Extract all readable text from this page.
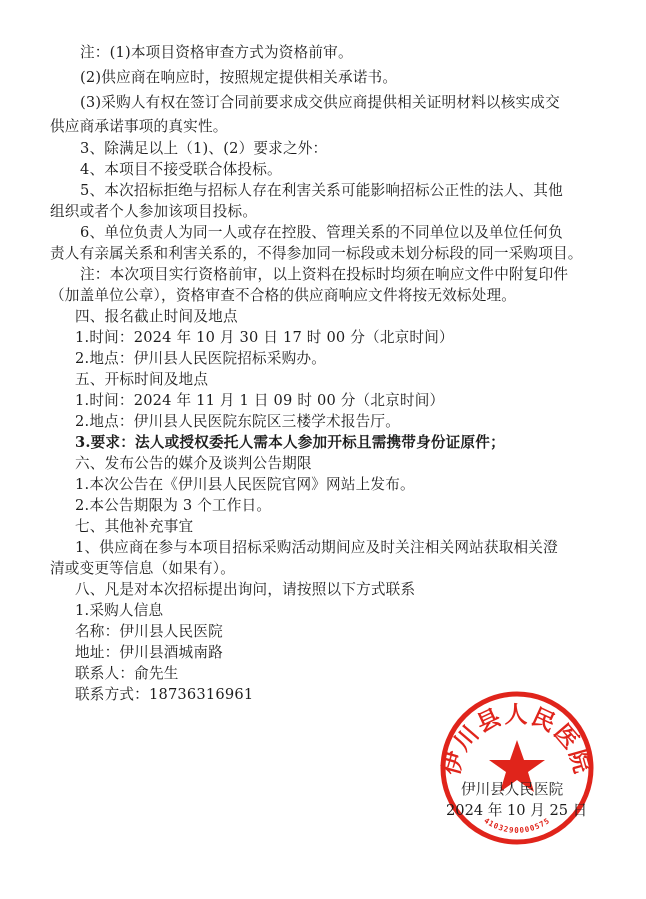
注：(1)本项目资格审查方式为资格前审。
(2)供应商在响应时，按照规定提供相关承诺书。
(3)采购人有权在签订合同前要求成交供应商提供相关证明材料以核实成交
供应商承诺事项的真实性。
3、除满足以上（1)、(2）要求之外：
4、本项目不接受联合体投标。
5、本次招标拒绝与招标人存在利害关系可能影响招标公正性的法人、其他
组织或者个人参加该项目投标。
6、单位负责人为同一人或存在控股、管理关系的不同单位以及单位任何负
责人有亲属关系和利害关系的，不得参加同一标段或未划分标段的同一采购项目。
注：本次项目实行资格前审，以上资料在投标时均须在响应文件中附复印件
（加盖单位公章），资格审查不合格的供应商响应文件将按无效标处理。
四、报名截止时间及地点
1.时间：2024 年 10 月 30 日 17 时 00 分（北京时间）
2.地点：伊川县人民医院招标采购办。
五、开标时间及地点
1.时间：2024 年 11 月 1 日 09 时 00 分（北京时间）
2.地点：伊川县人民医院东院区三楼学术报告厅。
3.要求：法人或授权委托人需本人参加开标且需携带身份证原件；
六、发布公告的媒介及谈判公告期限
1.本次公告在《伊川县人民医院官网》网站上发布。
2.本公告期限为 3 个工作日。
七、其他补充事宜
1、供应商在参与本项目招标采购活动期间应及时关注相关网站获取相关澄
清或变更等信息（如果有）。
八、凡是对本次招标提出询问，请按照以下方式联系
1.采购人信息
名称：伊川县人民医院
地址：伊川县酒城南路
联系人：俞先生
联系方式：18736316961
伊川县人民医院
4103290000575
伊川县人民医院
2024 年 10 月 25 日
